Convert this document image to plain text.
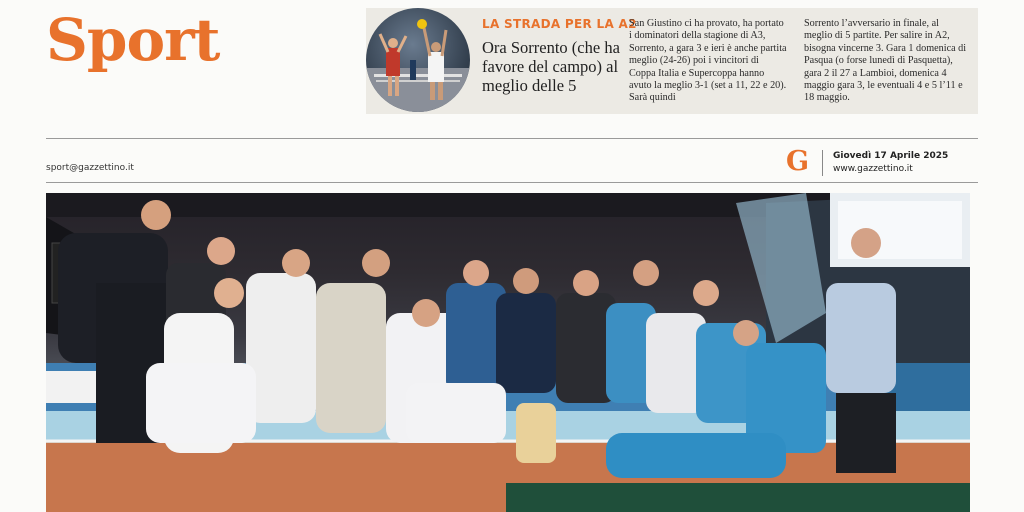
Sport	LA STRADA PER LA A2
Ora Sorrento (che ha favore del campo) al meglio delle 5
San Giustino ci ha provato, ha portato i dominatori della stagione di A3, Sorrento, a gara 3 e ieri è anche partita meglio (24-26) poi i vincitori di Coppa Italia e Supercoppa hanno avuto la meglio 3-1 (set a 11, 22 e 20). Sarà quindi
Sorrento l’avversario in finale, al meglio di 5 partite. Per salire in A2, bisogna vincerne 3. Gara 1 domenica di Pasqua (o forse lunedì di Pasquetta), gara 2 il 27 a Lambioi, domenica 4 maggio gara 3, le eventuali 4 e 5 l’11 e 18 maggio.
sport@gazzettino.it	G	Giovedì 17 Aprile 2025
www.gazzettino.it
